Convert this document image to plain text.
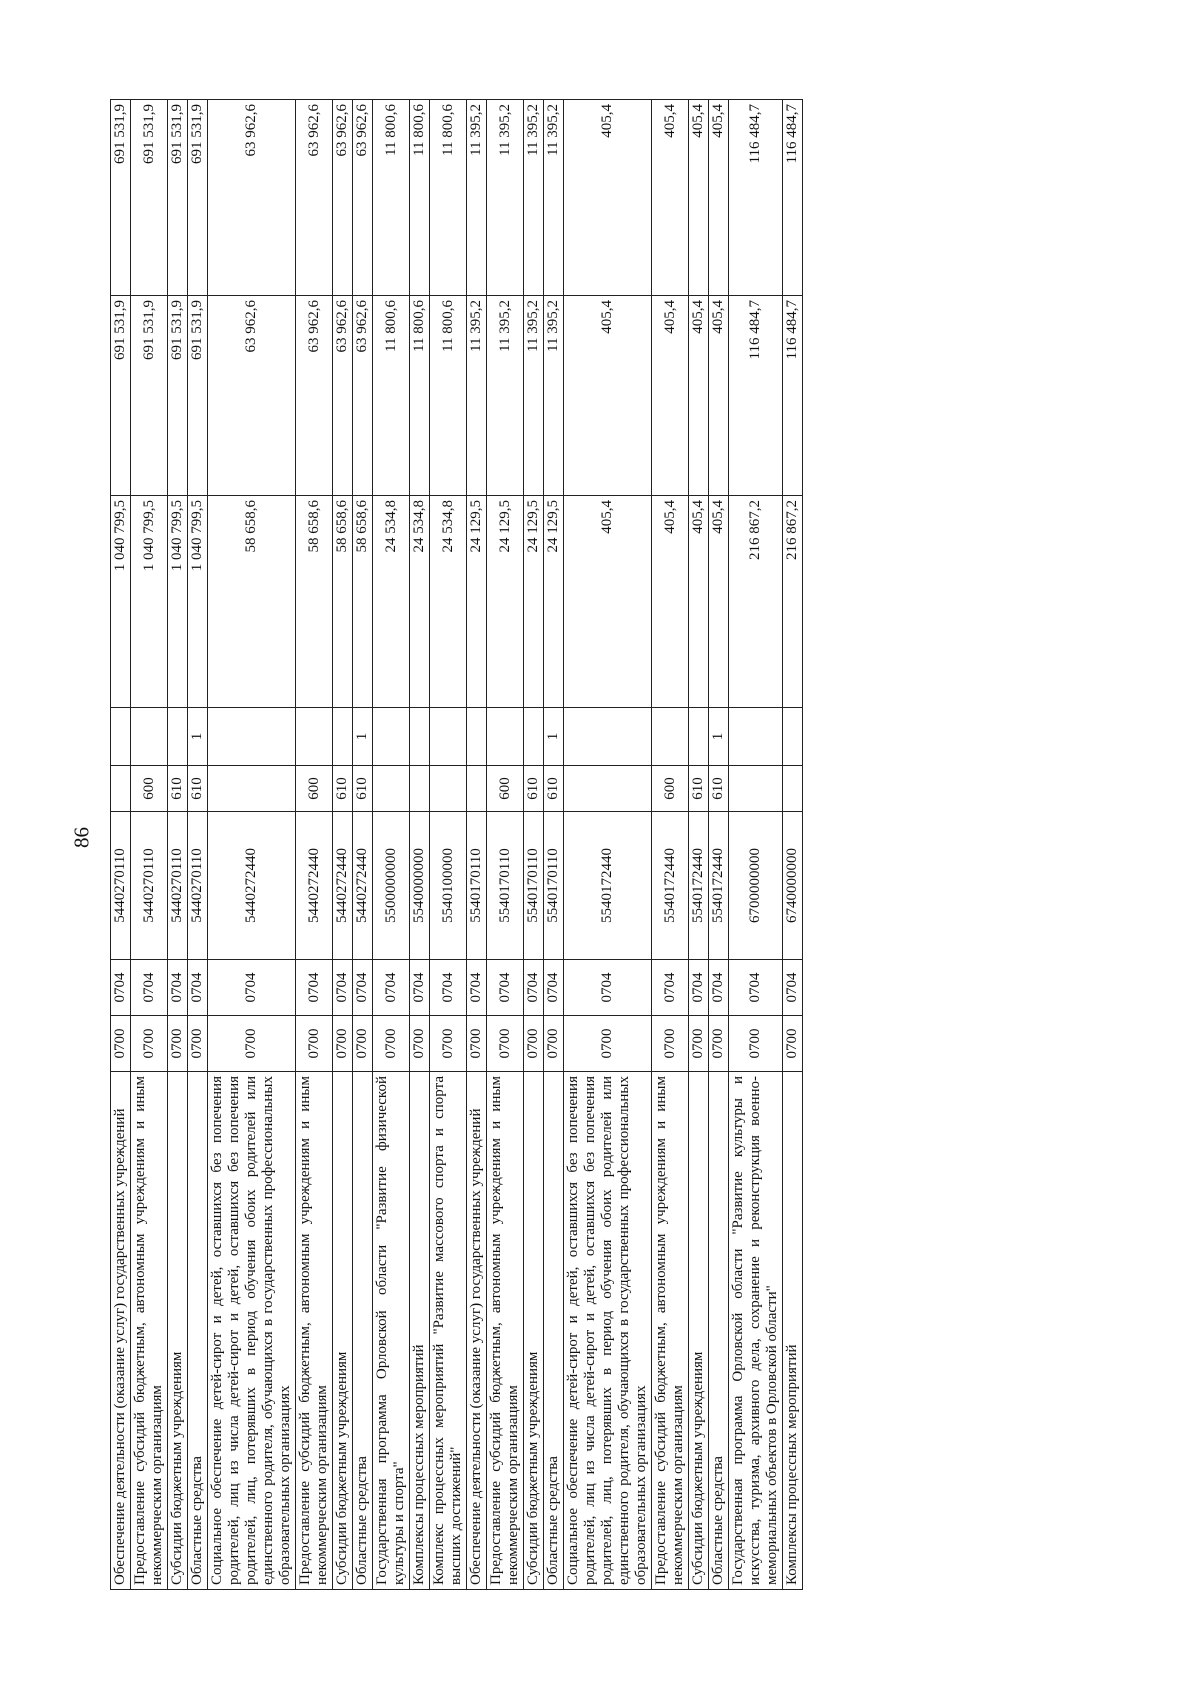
86
Обеспечение деятельности (оказание услуг) государственных учреждений	0700	0704	5440270110			1 040 799,5	691 531,9	691 531,9
Предоставление субсидий бюджетным, автономным учреждениям и иным некоммерческим организациям	0700	0704	5440270110	600		1 040 799,5	691 531,9	691 531,9
Субсидии бюджетным учреждениям	0700	0704	5440270110	610		1 040 799,5	691 531,9	691 531,9
Областные средства	0700	0704	5440270110	610	1	1 040 799,5	691 531,9	691 531,9
Социальное обеспечение детей-сирот и детей, оставшихся без попечения родителей, лиц из числа детей-сирот и детей, оставшихся без попечения родителей, лиц, потерявших в период обучения обоих родителей или единственного родителя, обучающихся в государственных профессиональных образовательных организациях	0700	0704	5440272440			58 658,6	63 962,6	63 962,6
Предоставление субсидий бюджетным, автономным учреждениям и иным некоммерческим организациям	0700	0704	5440272440	600		58 658,6	63 962,6	63 962,6
Субсидии бюджетным учреждениям	0700	0704	5440272440	610		58 658,6	63 962,6	63 962,6
Областные средства	0700	0704	5440272440	610	1	58 658,6	63 962,6	63 962,6
Государственная программа Орловской области "Развитие физической культуры и спорта"	0700	0704	5500000000			24 534,8	11 800,6	11 800,6
Комплексы процессных мероприятий	0700	0704	5540000000			24 534,8	11 800,6	11 800,6
Комплекс процессных мероприятий "Развитие массового спорта и спорта высших достижений"	0700	0704	5540100000			24 534,8	11 800,6	11 800,6
Обеспечение деятельности (оказание услуг) государственных учреждений	0700	0704	5540170110			24 129,5	11 395,2	11 395,2
Предоставление субсидий бюджетным, автономным учреждениям и иным некоммерческим организациям	0700	0704	5540170110	600		24 129,5	11 395,2	11 395,2
Субсидии бюджетным учреждениям	0700	0704	5540170110	610		24 129,5	11 395,2	11 395,2
Областные средства	0700	0704	5540170110	610	1	24 129,5	11 395,2	11 395,2
Социальное обеспечение детей-сирот и детей, оставшихся без попечения родителей, лиц из числа детей-сирот и детей, оставшихся без попечения родителей, лиц, потерявших в период обучения обоих родителей или единственного родителя, обучающихся в государственных профессиональных образовательных организациях	0700	0704	5540172440			405,4	405,4	405,4
Предоставление субсидий бюджетным, автономным учреждениям и иным некоммерческим организациям	0700	0704	5540172440	600		405,4	405,4	405,4
Субсидии бюджетным учреждениям	0700	0704	5540172440	610		405,4	405,4	405,4
Областные средства	0700	0704	5540172440	610	1	405,4	405,4	405,4
Государственная программа Орловской области "Развитие культуры и искусства, туризма, архивного дела, сохранение и реконструкция военно-мемориальных объектов в Орловской области"	0700	0704	6700000000			216 867,2	116 484,7	116 484,7
Комплексы процессных мероприятий	0700	0704	6740000000			216 867,2	116 484,7	116 484,7
